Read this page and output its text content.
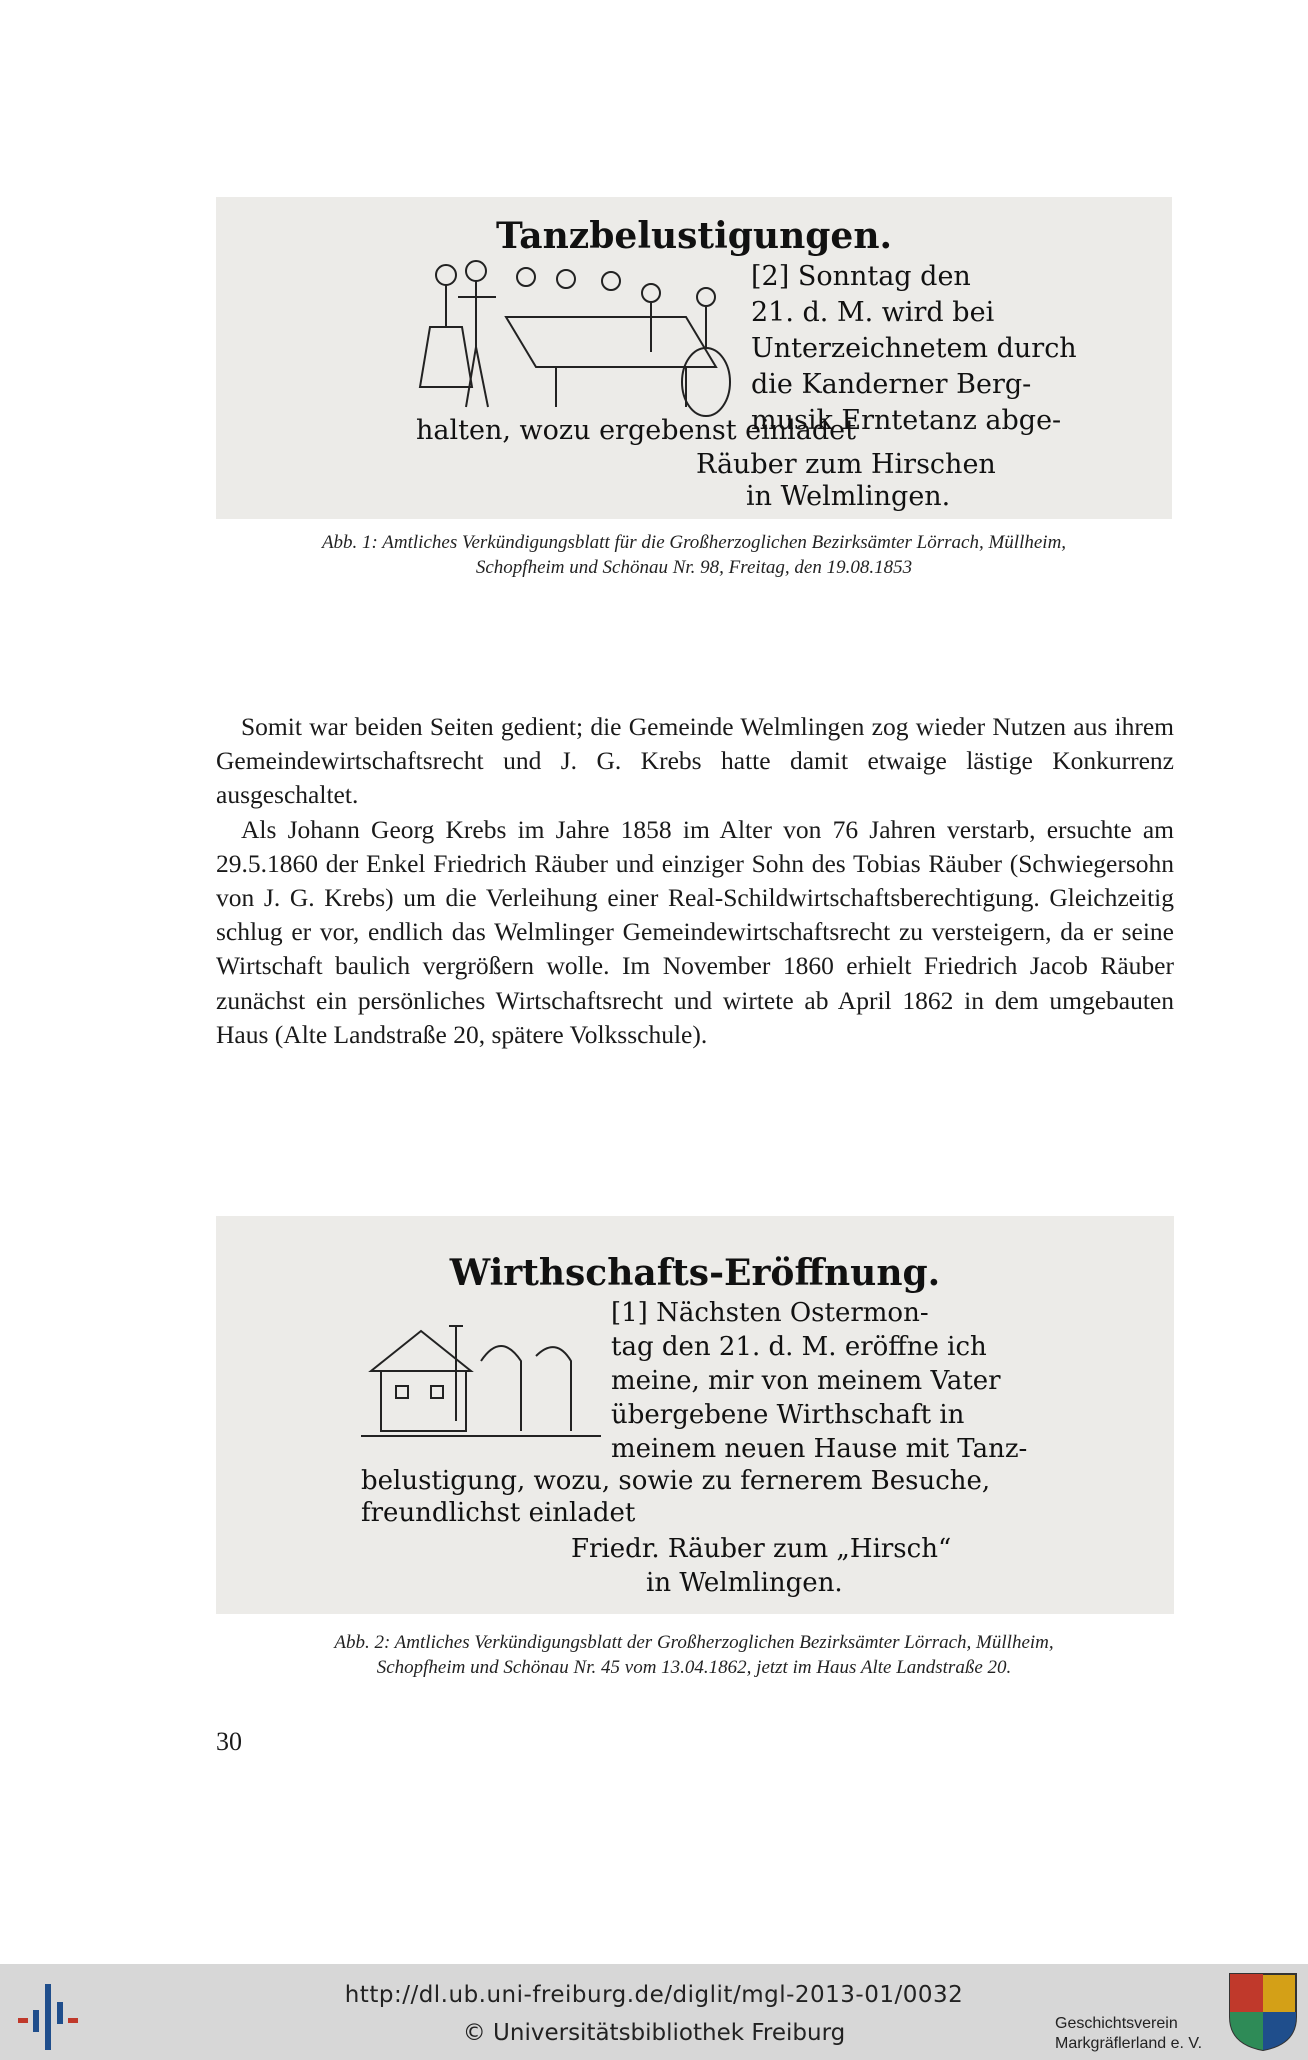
Tanzbelustigungen.
[2] Sonntag den
21. d. M. wird bei
Unterzeichnetem durch
die Kanderner Berg-
musik Erntetanz abge-
halten, wozu ergebenst einladet
Räuber zum Hirschen
in Welmlingen.
Abb. 1: Amtliches Verkündigungsblatt für die Großherzoglichen Bezirksämter Lörrach, Müllheim,
Schopfheim und Schönau Nr. 98, Freitag, den 19.08.1853

Somit war beiden Seiten gedient; die Gemeinde Welmlingen zog wieder Nutzen aus ihrem Gemeindewirtschaftsrecht und J. G. Krebs hatte damit etwaige lästige Konkurrenz ausgeschaltet.

Als Johann Georg Krebs im Jahre 1858 im Alter von 76 Jahren verstarb, ersuchte am 29.5.1860 der Enkel Friedrich Räuber und einziger Sohn des Tobias Räuber (Schwiegersohn von J. G. Krebs) um die Verleihung einer Real-Schildwirtschaftsberechtigung. Gleichzeitig schlug er vor, endlich das Welmlinger Gemeindewirtschaftsrecht zu versteigern, da er seine Wirtschaft baulich vergrößern wolle. Im November 1860 erhielt Friedrich Jacob Räuber zunächst ein persönliches Wirtschaftsrecht und wirtete ab April 1862 in dem umgebauten Haus (Alte Landstraße 20, spätere Volksschule).

Wirthschafts-Eröffnung.
[1] Nächsten Ostermon-
tag den 21. d. M. eröffne ich
meine, mir von meinem Vater
übergebene Wirthschaft in
meinem neuen Hause mit Tanz-
belustigung, wozu, sowie zu fernerem Besuche,
freundlichst einladet
Friedr. Räuber zum „Hirsch“
in Welmlingen.
Abb. 2: Amtliches Verkündigungsblatt der Großherzoglichen Bezirksämter Lörrach, Müllheim,
Schopfheim und Schönau Nr. 45 vom 13.04.1862, jetzt im Haus Alte Landstraße 20.
30
http://dl.ub.uni-freiburg.de/diglit/mgl-2013-01/0032
© Universitätsbibliothek Freiburg	Geschichtsverein
Markgräflerland e. V.
